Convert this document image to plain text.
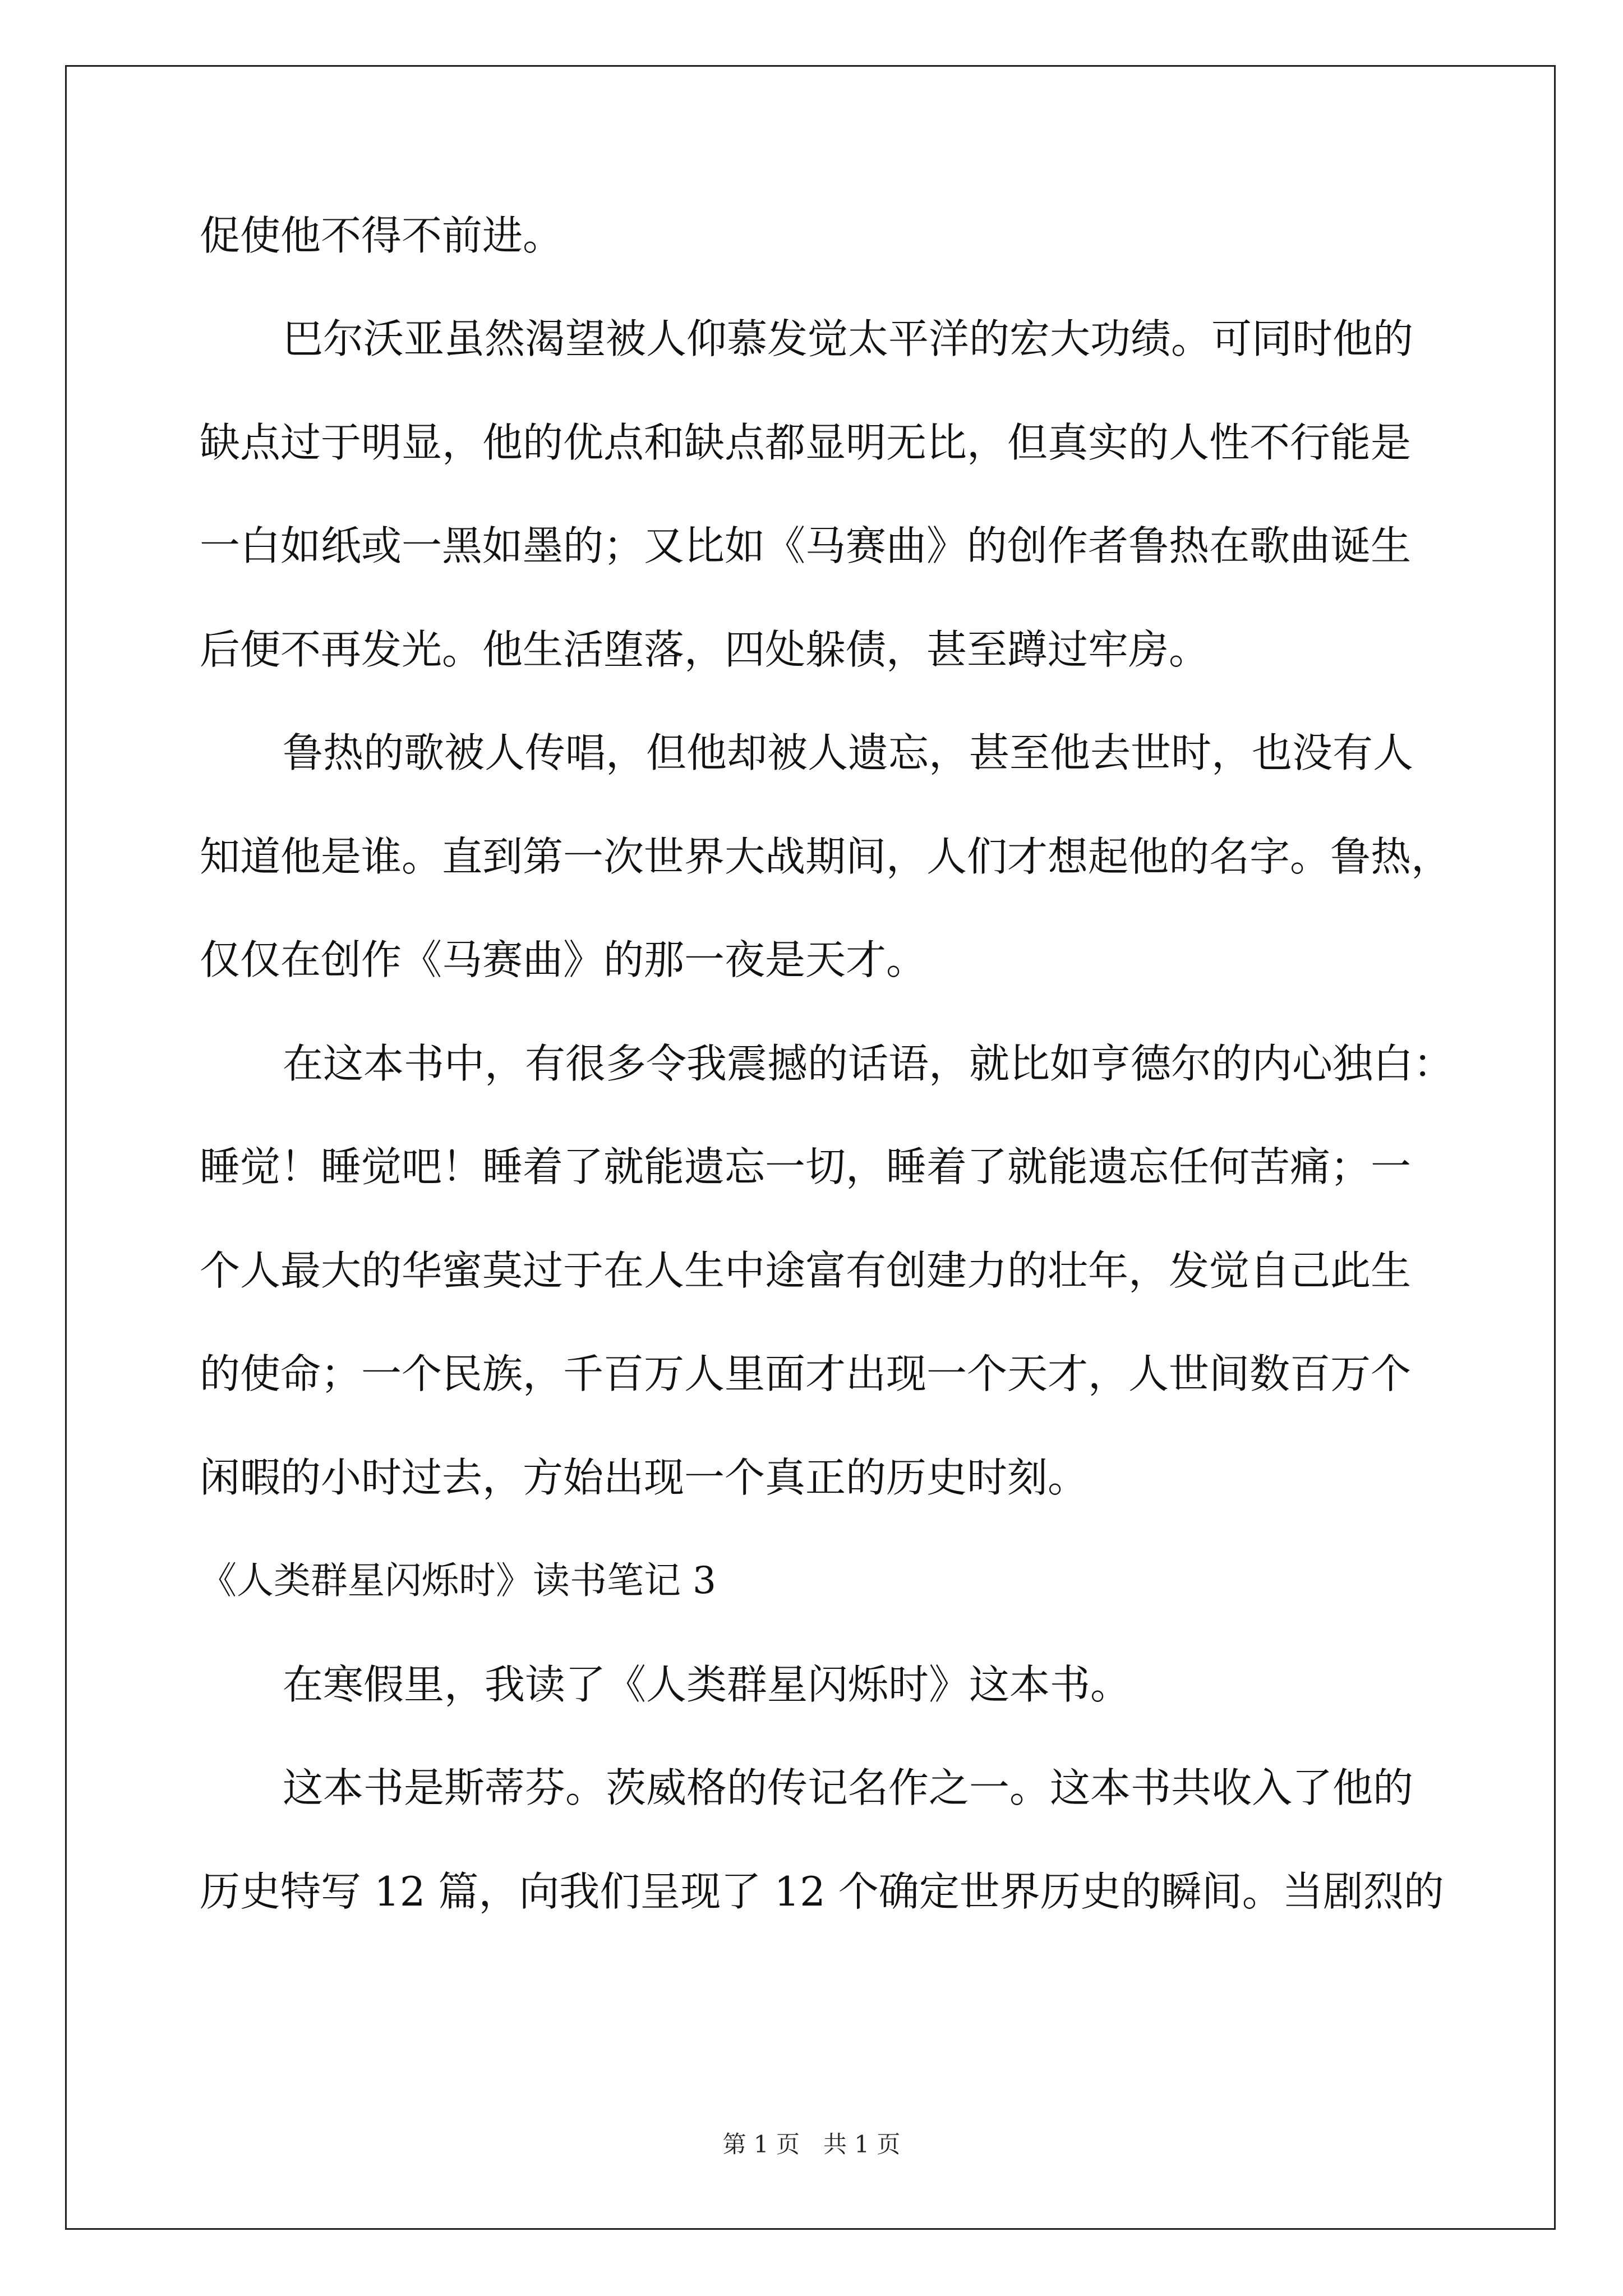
促使他不得不前进。
巴尔沃亚虽然渴望被人仰慕发觉太平洋的宏大功绩。可同时他的
缺点过于明显，他的优点和缺点都显明无比，但真实的人性不行能是
一白如纸或一黑如墨的；又比如《马赛曲》的创作者鲁热在歌曲诞生
后便不再发光。他生活堕落，四处躲债，甚至蹲过牢房。
鲁热的歌被人传唱，但他却被人遗忘，甚至他去世时，也没有人
知道他是谁。直到第一次世界大战期间，人们才想起他的名字。鲁热，
仅仅在创作《马赛曲》的那一夜是天才。
在这本书中，有很多令我震撼的话语，就比如亨德尔的内心独白：
睡觉！睡觉吧！睡着了就能遗忘一切，睡着了就能遗忘任何苦痛；一
个人最大的华蜜莫过于在人生中途富有创建力的壮年，发觉自己此生
的使命；一个民族，千百万人里面才出现一个天才，人世间数百万个
闲暇的小时过去，方始出现一个真正的历史时刻。
《人类群星闪烁时》读书笔记 3
在寒假里，我读了《人类群星闪烁时》这本书。
这本书是斯蒂芬。茨威格的传记名作之一。这本书共收入了他的
历史特写 12 篇，向我们呈现了 12 个确定世界历史的瞬间。当剧烈的
第 1 页　共 1 页
